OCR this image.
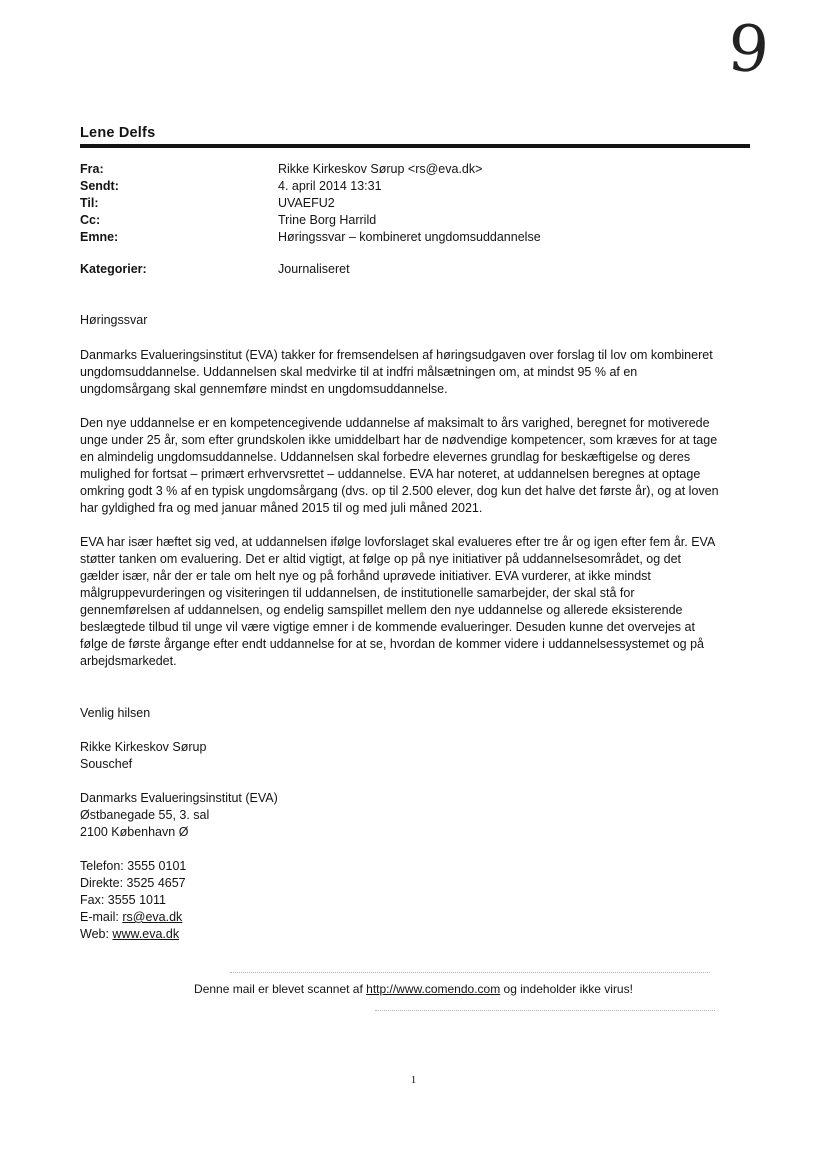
9
Lene Delfs
Fra:	Rikke Kirkeskov Sørup <rs@eva.dk>
Sendt:	4. april 2014 13:31
Til:	UVAEFU2
Cc:	Trine Borg Harrild
Emne:	Høringssvar – kombineret ungdomsuddannelse
Kategorier:	Journaliseret

Høringssvar

Danmarks Evalueringsinstitut (EVA) takker for fremsendelsen af høringsudgaven over forslag til lov om kombineret
ungdomsuddannelse. Uddannelsen skal medvirke til at indfri målsætningen om, at mindst 95 % af en
ungdomsårgang skal gennemføre mindst en ungdomsuddannelse.

Den nye uddannelse er en kompetencegivende uddannelse af maksimalt to års varighed, beregnet for motiverede
unge under 25 år, som efter grundskolen ikke umiddelbart har de nødvendige kompetencer, som kræves for at tage
en almindelig ungdomsuddannelse. Uddannelsen skal forbedre elevernes grundlag for beskæftigelse og deres
mulighed for fortsat – primært erhvervsrettet – uddannelse. EVA har noteret, at uddannelsen beregnes at optage
omkring godt 3 % af en typisk ungdomsårgang (dvs. op til 2.500 elever, dog kun det halve det første år), og at loven
har gyldighed fra og med januar måned 2015 til og med juli måned 2021.

EVA har især hæftet sig ved, at uddannelsen ifølge lovforslaget skal evalueres efter tre år og igen efter fem år. EVA
støtter tanken om evaluering. Det er altid vigtigt, at følge op på nye initiativer på uddannelsesområdet, og det
gælder især, når der er tale om helt nye og på forhånd uprøvede initiativer. EVA vurderer, at ikke mindst
målgruppevurderingen og visiteringen til uddannelsen, de institutionelle samarbejder, der skal stå for
gennemførelsen af uddannelsen, og endelig samspillet mellem den nye uddannelse og allerede eksisterende
beslægtede tilbud til unge vil være vigtige emner i de kommende evalueringer. Desuden kunne det overvejes at
følge de første årgange efter endt uddannelse for at se, hvordan de kommer videre i uddannelsessystemet og på
arbejdsmarkedet.

Venlig hilsen

Rikke Kirkeskov Sørup
Souschef

Danmarks Evalueringsinstitut (EVA)
Østbanegade 55, 3. sal
2100 København Ø

Telefon: 3555 0101
Direkte: 3525 4657
Fax: 3555 1011
E-mail: rs@eva.dk
Web: www.eva.dk

Denne mail er blevet scannet af http://www.comendo.com og indeholder ikke virus!
1
